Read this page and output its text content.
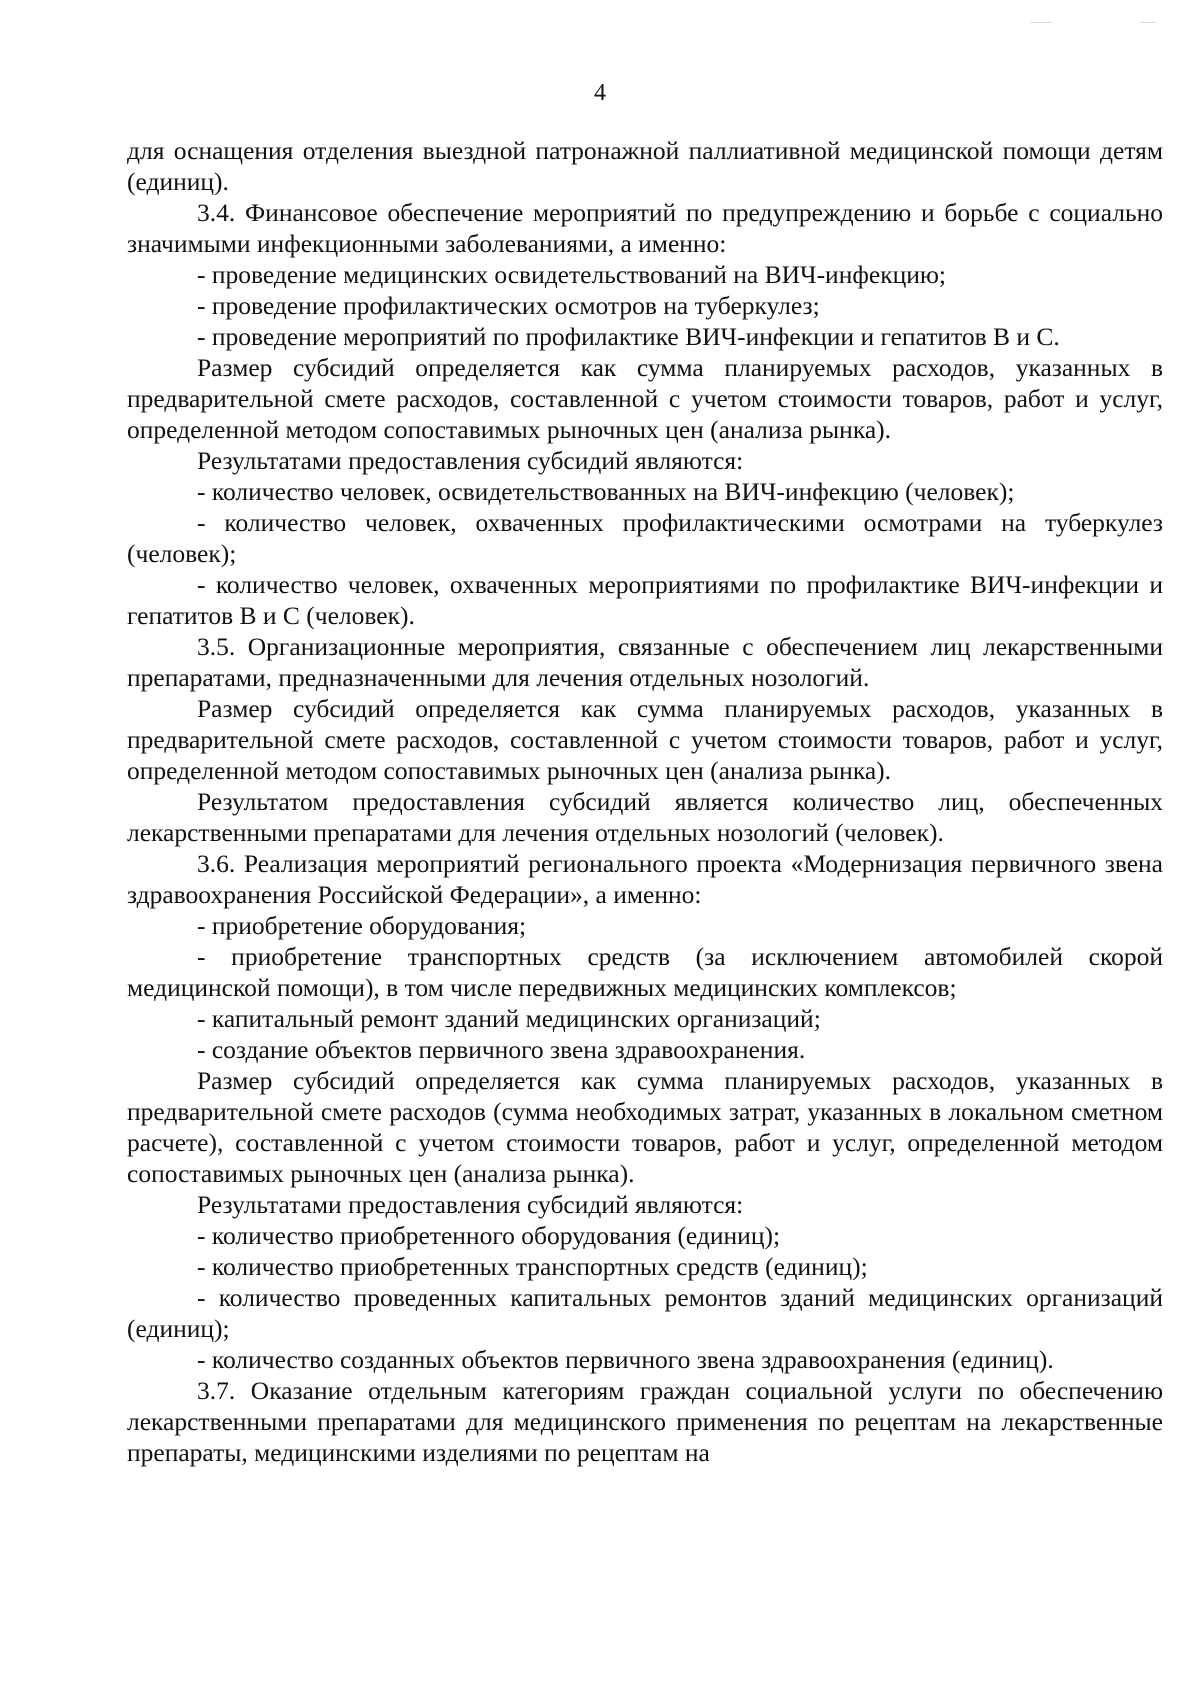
4

для оснащения отделения выездной патронажной паллиативной медицинской помощи детям (единиц).

3.4. Финансовое обеспечение мероприятий по предупреждению и борьбе с социально значимыми инфекционными заболеваниями, а именно:

- проведение медицинских освидетельствований на ВИЧ-инфекцию;

- проведение профилактических осмотров на туберкулез;

- проведение мероприятий по профилактике ВИЧ-инфекции и гепатитов В и С.

Размер субсидий определяется как сумма планируемых расходов, указанных в предварительной смете расходов, составленной с учетом стоимости товаров, работ и услуг, определенной методом сопоставимых рыночных цен (анализа рынка).

Результатами предоставления субсидий являются:

- количество человек, освидетельствованных на ВИЧ-инфекцию (человек);

- количество человек, охваченных профилактическими осмотрами на туберкулез (человек);

- количество человек, охваченных мероприятиями по профилактике ВИЧ-инфекции и гепатитов В и С (человек).

3.5. Организационные мероприятия, связанные с обеспечением лиц лекарственными препаратами, предназначенными для лечения отдельных нозологий.

Размер субсидий определяется как сумма планируемых расходов, указанных в предварительной смете расходов, составленной с учетом стоимости товаров, работ и услуг, определенной методом сопоставимых рыночных цен (анализа рынка).

Результатом предоставления субсидий является количество лиц, обеспеченных лекарственными препаратами для лечения отдельных нозологий (человек).

3.6. Реализация мероприятий регионального проекта «Модернизация первичного звена здравоохранения Российской Федерации», а именно:

- приобретение оборудования;

- приобретение транспортных средств (за исключением автомобилей скорой медицинской помощи), в том числе передвижных медицинских комплексов;

- капитальный ремонт зданий медицинских организаций;

- создание объектов первичного звена здравоохранения.

Размер субсидий определяется как сумма планируемых расходов, указанных в предварительной смете расходов (сумма необходимых затрат, указанных в локальном сметном расчете), составленной с учетом стоимости товаров, работ и услуг, определенной методом сопоставимых рыночных цен (анализа рынка).

Результатами предоставления субсидий являются:

- количество приобретенного оборудования (единиц);

- количество приобретенных транспортных средств (единиц);

- количество проведенных капитальных ремонтов зданий медицинских организаций (единиц);

- количество созданных объектов первичного звена здравоохранения (единиц).

3.7. Оказание отдельным категориям граждан социальной услуги по обеспечению лекарственными препаратами для медицинского применения по рецептам на лекарственные препараты, медицинскими изделиями по рецептам на
